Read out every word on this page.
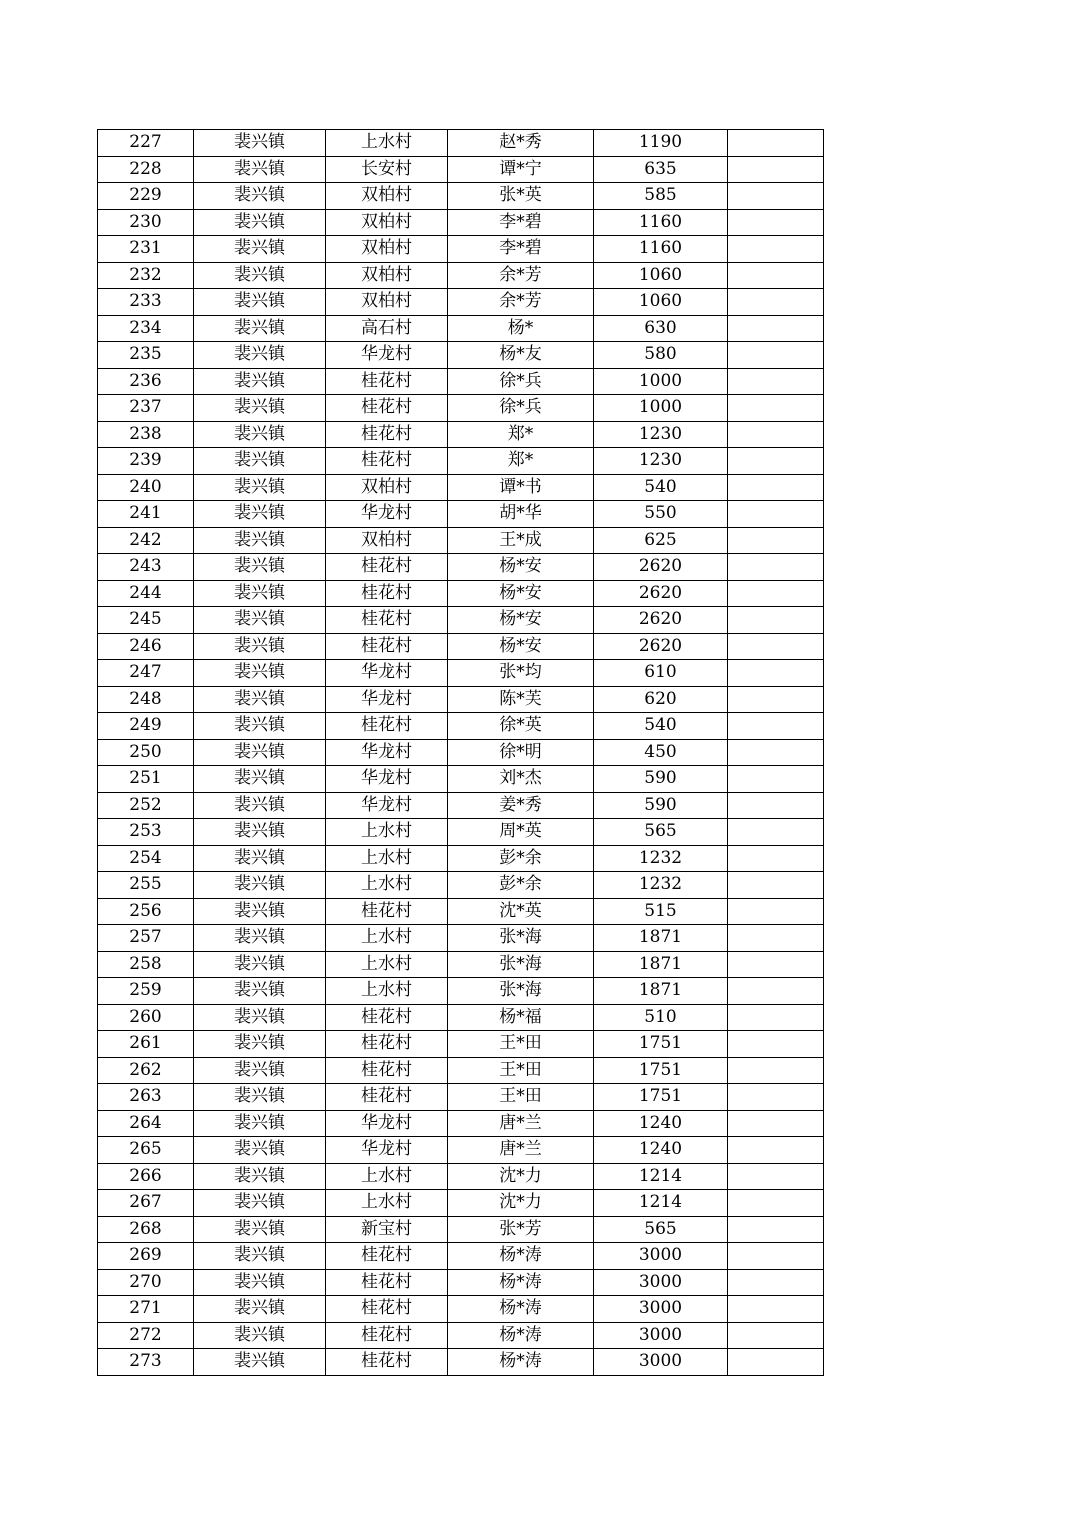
227	裴兴镇	上水村	赵*秀	1190	
228	裴兴镇	长安村	谭*宁	635	
229	裴兴镇	双柏村	张*英	585	
230	裴兴镇	双柏村	李*碧	1160	
231	裴兴镇	双柏村	李*碧	1160	
232	裴兴镇	双柏村	余*芳	1060	
233	裴兴镇	双柏村	余*芳	1060	
234	裴兴镇	高石村	杨*	630	
235	裴兴镇	华龙村	杨*友	580	
236	裴兴镇	桂花村	徐*兵	1000	
237	裴兴镇	桂花村	徐*兵	1000	
238	裴兴镇	桂花村	郑*	1230	
239	裴兴镇	桂花村	郑*	1230	
240	裴兴镇	双柏村	谭*书	540	
241	裴兴镇	华龙村	胡*华	550	
242	裴兴镇	双柏村	王*成	625	
243	裴兴镇	桂花村	杨*安	2620	
244	裴兴镇	桂花村	杨*安	2620	
245	裴兴镇	桂花村	杨*安	2620	
246	裴兴镇	桂花村	杨*安	2620	
247	裴兴镇	华龙村	张*均	610	
248	裴兴镇	华龙村	陈*芙	620	
249	裴兴镇	桂花村	徐*英	540	
250	裴兴镇	华龙村	徐*明	450	
251	裴兴镇	华龙村	刘*杰	590	
252	裴兴镇	华龙村	姜*秀	590	
253	裴兴镇	上水村	周*英	565	
254	裴兴镇	上水村	彭*余	1232	
255	裴兴镇	上水村	彭*余	1232	
256	裴兴镇	桂花村	沈*英	515	
257	裴兴镇	上水村	张*海	1871	
258	裴兴镇	上水村	张*海	1871	
259	裴兴镇	上水村	张*海	1871	
260	裴兴镇	桂花村	杨*福	510	
261	裴兴镇	桂花村	王*田	1751	
262	裴兴镇	桂花村	王*田	1751	
263	裴兴镇	桂花村	王*田	1751	
264	裴兴镇	华龙村	唐*兰	1240	
265	裴兴镇	华龙村	唐*兰	1240	
266	裴兴镇	上水村	沈*力	1214	
267	裴兴镇	上水村	沈*力	1214	
268	裴兴镇	新宝村	张*芳	565	
269	裴兴镇	桂花村	杨*涛	3000	
270	裴兴镇	桂花村	杨*涛	3000	
271	裴兴镇	桂花村	杨*涛	3000	
272	裴兴镇	桂花村	杨*涛	3000	
273	裴兴镇	桂花村	杨*涛	3000	
